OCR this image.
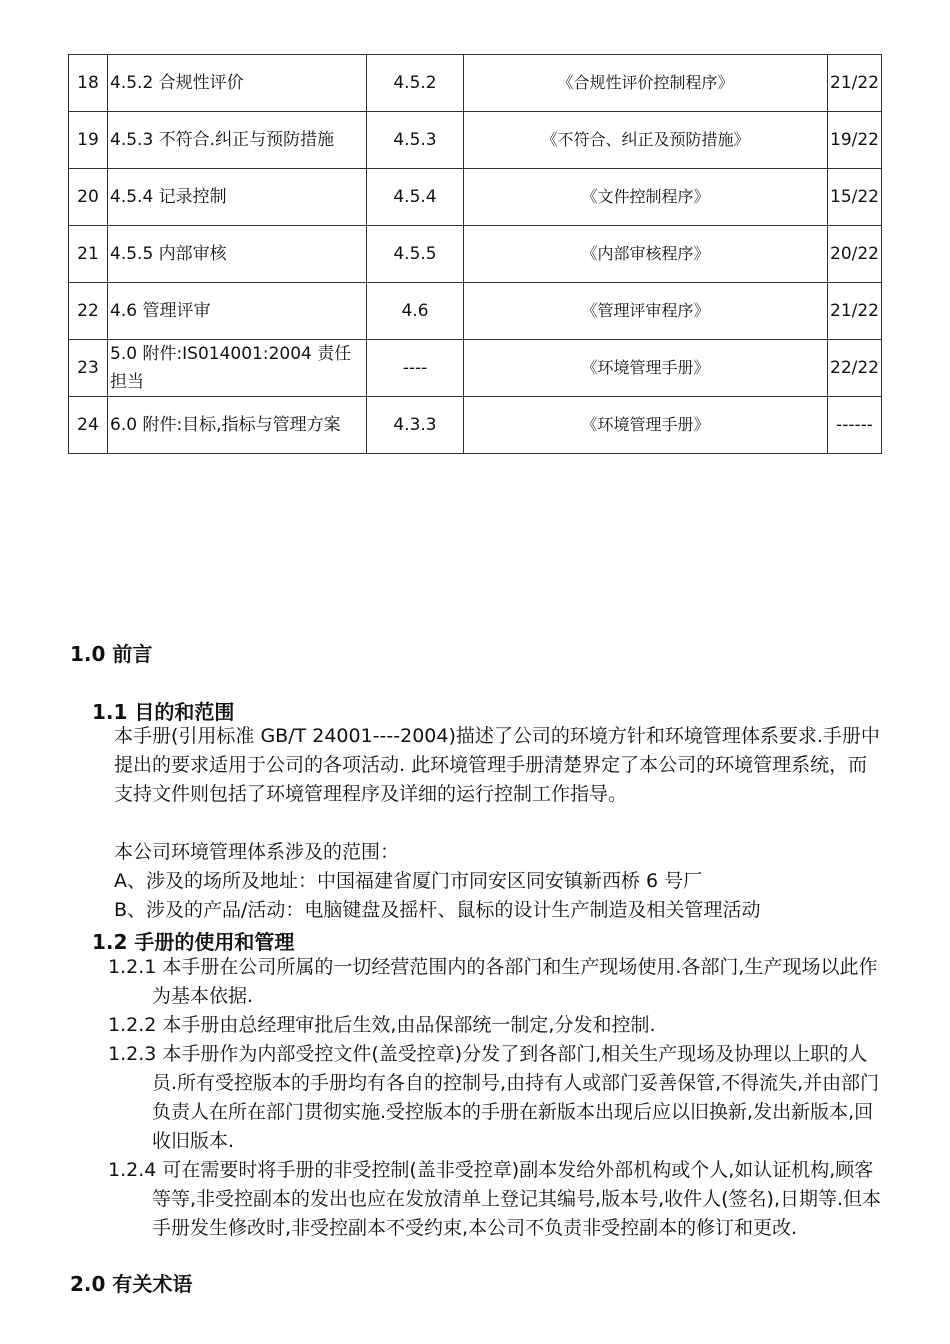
18	4.5.2 合规性评价	4.5.2	《合规性评价控制程序》	21/22
19	4.5.3 不符合.纠正与预防措施	4.5.3	《不符合、纠正及预防措施》	19/22
20	4.5.4 记录控制	4.5.4	《文件控制程序》	15/22
21	4.5.5 内部审核	4.5.5	《内部审核程序》	20/22
22	4.6 管理评审	4.6	《管理评审程序》	21/22
23	5.0 附件:IS014001:2004 责任担当	----	《环境管理手册》	22/22
24	6.0 附件:目标,指标与管理方案	4.3.3	《环境管理手册》	------
1.0 前言
1.1 目的和范围

本手册(引用标准 GB/T 24001----2004)描述了公司的环境方针和环境管理体系要求.手册中提出的要求适用于公司的各项活动. 此环境管理手册清楚界定了本公司的环境管理系统，而支持文件则包括了环境管理程序及详细的运行控制工作指导。

本公司环境管理体系涉及的范围：

A、涉及的场所及地址：中国福建省厦门市同安区同安镇新西桥 6 号厂

B、涉及的产品/活动：电脑键盘及摇杆、鼠标的设计生产制造及相关管理活动

1.2 手册的使用和管理

1.2.1 本手册在公司所属的一切经营范围内的各部门和生产现场使用.各部门,生产现场以此作为基本依据.

1.2.2 本手册由总经理审批后生效,由品保部统一制定,分发和控制.

1.2.3 本手册作为内部受控文件(盖受控章)分发了到各部门,相关生产现场及协理以上职的人员.所有受控版本的手册均有各自的控制号,由持有人或部门妥善保管,不得流失,并由部门负责人在所在部门贯彻实施.受控版本的手册在新版本出现后应以旧换新,发出新版本,回收旧版本.

1.2.4 可在需要时将手册的非受控制(盖非受控章)副本发给外部机构或个人,如认证机构,顾客等等,非受控副本的发出也应在发放清单上登记其编号,版本号,收件人(签名),日期等.但本手册发生修改时,非受控副本不受约束,本公司不负责非受控副本的修订和更改.

2.0 有关术语
